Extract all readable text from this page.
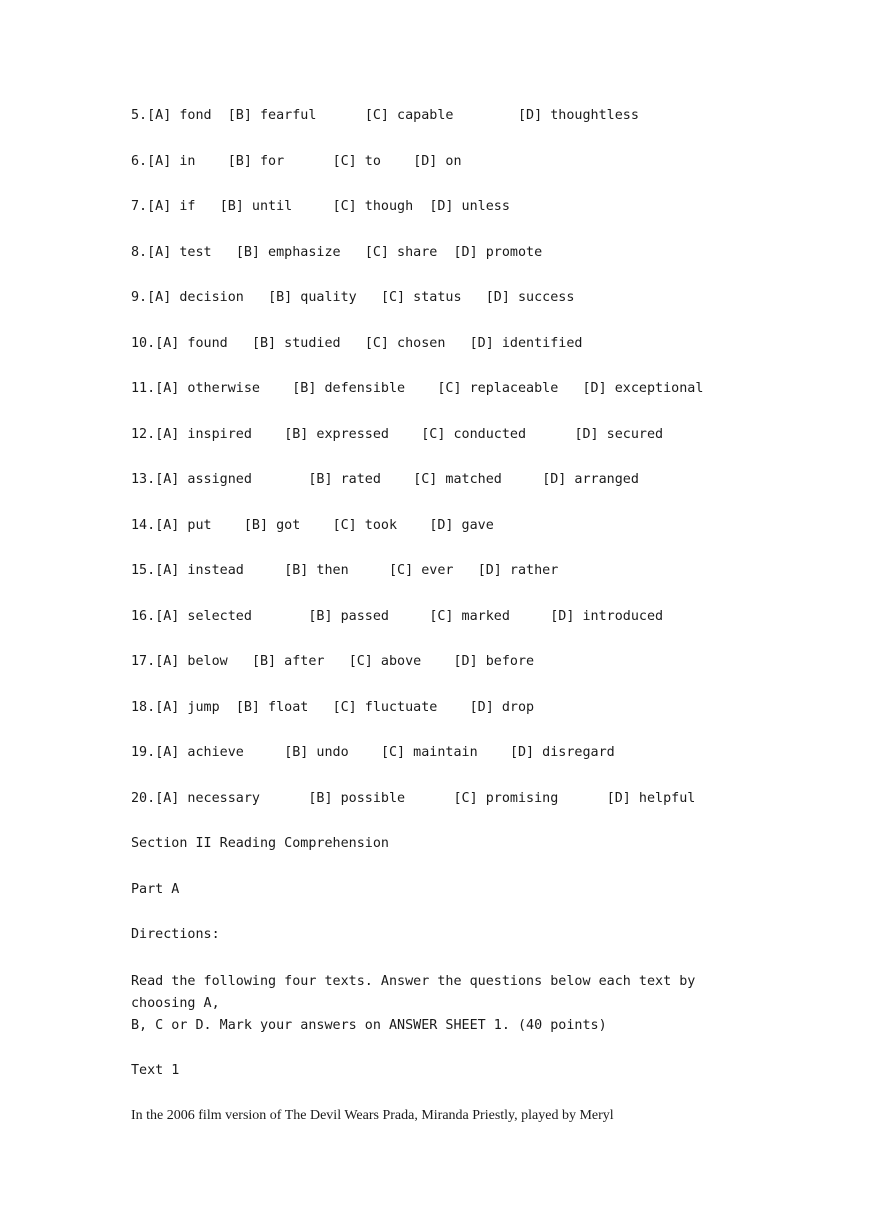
5.[A] fond [B] fearful	[C] capable	[D] thoughtless
6.[A] in [B] for	[C] to [D] on
7.[A] if [B] until	[C] though [D] unless
8.[A] test [B] emphasize [C] share [D] promote
9.[A] decision [B] quality [C] status [D] success
10.[A] found [B] studied [C] chosen [D] identified
11.[A] otherwise [B] defensible [C] replaceable [D] exceptional
12.[A] inspired [B] expressed [C] conducted	[D] secured
13.[A] assigned	[B] rated [C] matched	[D] arranged
14.[A] put [B] got [C] took [D] gave
15.[A] instead	[B] then	[C] ever [D] rather
16.[A] selected	[B] passed	[C] marked	[D] introduced
17.[A] below [B] after [C] above [D] before
18.[A] jump [B] float [C] fluctuate [D] drop
19.[A] achieve	[B] undo [C] maintain [D] disregard
20.[A] necessary	[B] possible	[C] promising	[D] helpful
Section II Reading Comprehension
Part A
Directions:
Read the following four texts. Answer the questions below each text by choosing A,
B, C or D. Mark your answers on ANSWER SHEET 1. (40 points)
Text 1
In the 2006 film version of The Devil Wears Prada, Miranda Priestly, played by Meryl
